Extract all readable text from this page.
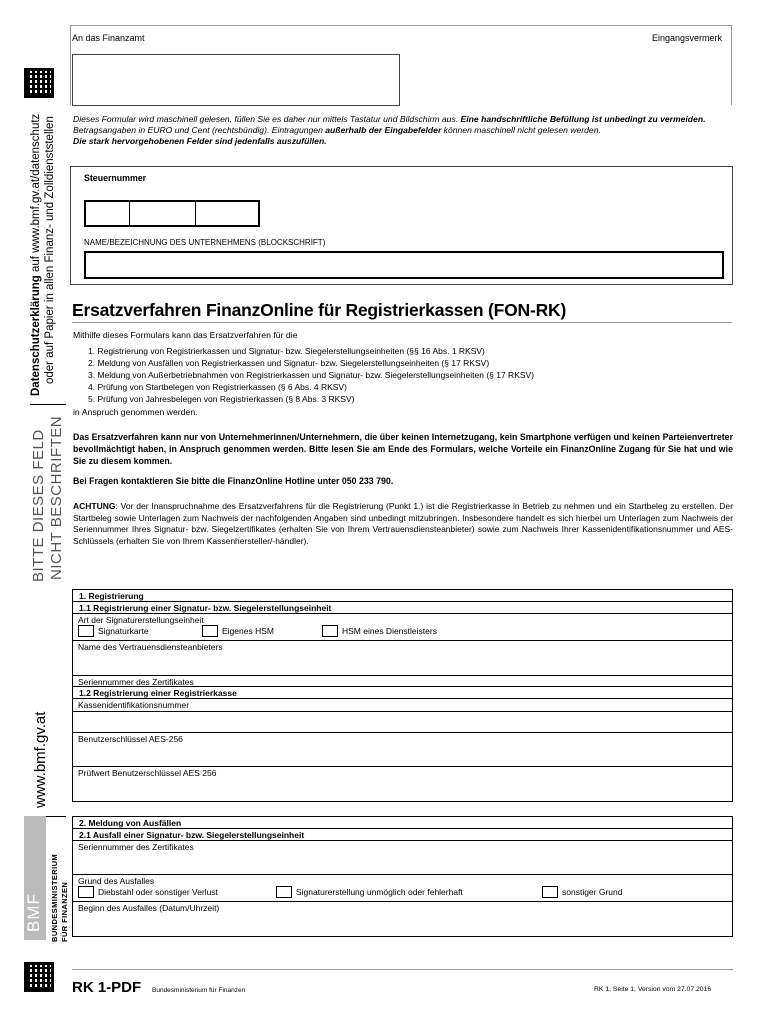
Datenschutzerklärung auf www.bmf.gv.at/datenschutz oder auf Papier in allen Finanz- und Zolldienststellen
BITTE DIESES FELD NICHT BESCHRIFTEN
www.bmf.gv.at
BMF BUNDESMINISTERIUM FÜR FINANZEN
An das Finanzamt	Eingangsvermerk
Dieses Formular wird maschinell gelesen, füllen Sie es daher nur mittels Tastatur und Bildschirm aus. Eine handschriftliche Befüllung ist unbedingt zu vermeiden. Betragsangaben in EURO und Cent (rechtsbündig). Eintragungen außerhalb der Eingabefelder können maschinell nicht gelesen werden.
Die stark hervorgehobenen Felder sind jedenfalls auszufüllen.
Steuernummer
NAME/BEZEICHNUNG DES UNTERNEHMENS (BLOCKSCHRIFT)
Ersatzverfahren FinanzOnline für Registrierkassen (FON-RK)
Mithilfe dieses Formulars kann das Ersatzverfahren für die
1. Registrierung von Registrierkassen und Signatur- bzw. Siegelerstellungseinheiten (§§ 16 Abs. 1 RKSV)
2. Meldung von Ausfällen von Registrierkassen und Signatur- bzw. Siegelerstellungseinheiten (§ 17 RKSV)
3. Meldung von Außerbetriebnahmen von Registrierkassen und Signatur- bzw. Siegelerstellungseinheiten (§ 17 RKSV)
4. Prüfung von Startbelegen von Registrierkassen (§ 6 Abs. 4 RKSV)
5. Prüfung von Jahresbelegen von Registrierkassen (§ 8 Abs. 3 RKSV)
in Anspruch genommen werden.
Das Ersatzverfahren kann nur von Unternehmerinnen/Unternehmern, die über keinen Internetzugang, kein Smartphone verfügen und keinen Parteienvertreter bevollmächtigt haben, in Anspruch genommen werden. Bitte lesen Sie am Ende des Formulars, welche Vorteile ein FinanzOnline Zugang für Sie hat und wie Sie zu diesem kommen.
Bei Fragen kontaktieren Sie bitte die FinanzOnline Hotline unter 050 233 790.
ACHTUNG: Vor der Inanspruchnahme des Ersatzverfahrens für die Registrierung (Punkt 1.) ist die Registrierkasse in Betrieb zu nehmen und ein Startbeleg zu erstellen. Der Startbeleg sowie Unterlagen zum Nachweis der nachfolgenden Angaben sind unbedingt mitzubringen. Insbesondere handelt es sich hierbei um Unterlagen zum Nachweis der Seriennummer Ihres Signatur- bzw. Siegelzertifikates (erhalten Sie von Ihrem Vertrauensdiensteanbieter) sowie zum Nachweis Ihrer Kassenidentifikationsnummer und AES-Schlüssels (erhalten Sie von Ihrem Kassenhersteller/-händler).
1. Registrierung
1.1 Registrierung einer Signatur- bzw. Siegelerstellungseinheit
Art der Signaturerstellungseinheit
Signaturkarte	Eigenes HSM	HSM eines Dienstleisters
Name des Vertrauensdiensteanbieters
Seriennummer des Zertifikates
1.2 Registrierung einer Registrierkasse
Kassenidentifikationsnummer
Benutzerschlüssel AES-256
Prüfwert Benutzerschlüssel AES 256
2. Meldung von Ausfällen
2.1 Ausfall einer Signatur- bzw. Siegelerstellungseinheit
Seriennummer des Zertifikates
Grund des Ausfalles
Diebstahl oder sonstiger Verlust	Signaturerstellung unmöglich oder fehlerhaft	sonstiger Grund
Beginn des Ausfalles (Datum/Uhrzeit)
RK 1-PDF Bundesministerium für Finanzen	RK 1, Seite 1, Version vom 27.07.2016
